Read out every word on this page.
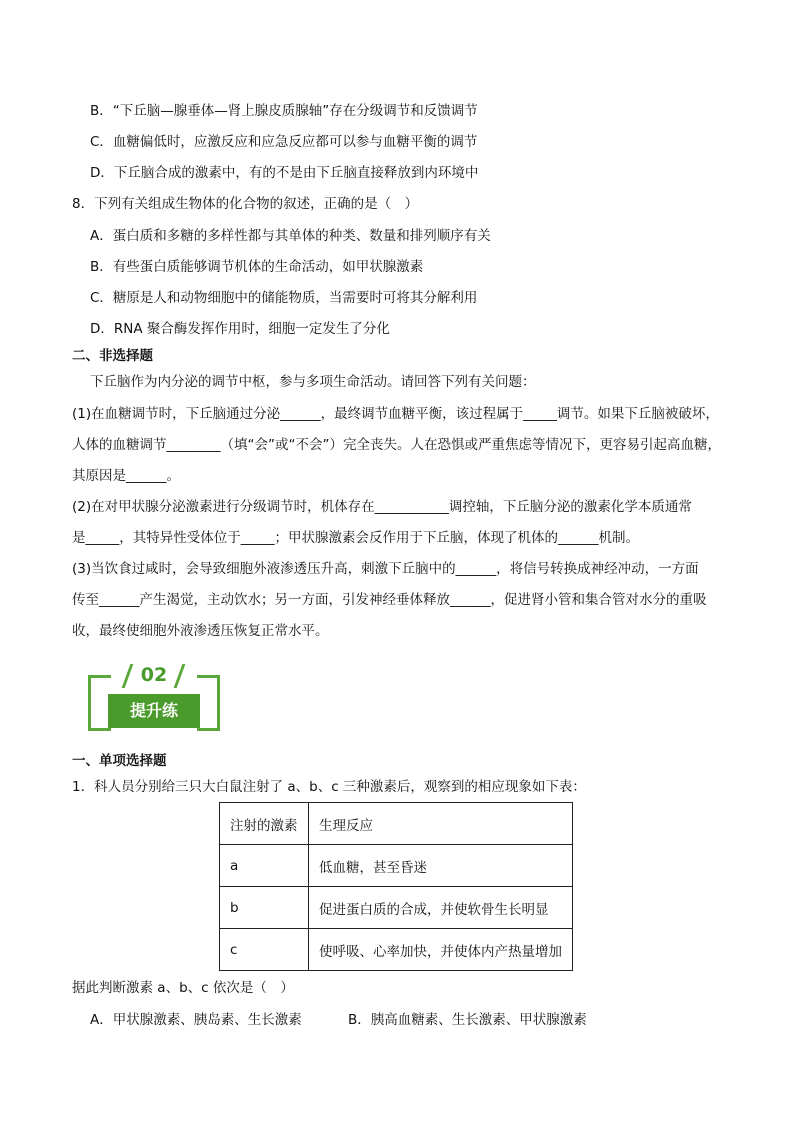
B．“下丘脑—腺垂体—肾上腺皮质腺轴”存在分级调节和反馈调节
C．血糖偏低时，应激反应和应急反应都可以参与血糖平衡的调节
D．下丘脑合成的激素中，有的不是由下丘脑直接释放到内环境中
8．下列有关组成生物体的化合物的叙述，正确的是（　）
A．蛋白质和多糖的多样性都与其单体的种类、数量和排列顺序有关
B．有些蛋白质能够调节机体的生命活动，如甲状腺激素
C．糖原是人和动物细胞中的储能物质，当需要时可将其分解利用
D．RNA 聚合酶发挥作用时，细胞一定发生了分化
二、非选择题
下丘脑作为内分泌的调节中枢，参与多项生命活动。请回答下列有关问题：
(1)在血糖调节时，下丘脑通过分泌______，最终调节血糖平衡，该过程属于_____调节。如果下丘脑被破坏，
人体的血糖调节________（填“会”或“不会”）完全丧失。人在恐惧或严重焦虑等情况下，更容易引起高血糖，
其原因是______。
(2)在对甲状腺分泌激素进行分级调节时，机体存在___________调控轴，下丘脑分泌的激素化学本质通常
是_____，其特异性受体位于_____；甲状腺激素会反作用于下丘脑，体现了机体的______机制。
(3)当饮食过咸时，会导致细胞外液渗透压升高，刺激下丘脑中的______，将信号转换成神经冲动，一方面
传至______产生渴觉，主动饮水；另一方面，引发神经垂体释放______，促进肾小管和集合管对水分的重吸
收，最终使细胞外液渗透压恢复正常水平。
02
提升练
一、单项选择题
1．科人员分别给三只大白鼠注射了 a、b、c 三种激素后，观察到的相应现象如下表：
注射的激素	生理反应
a	低血糖，甚至昏迷
b	促进蛋白质的合成，并使软骨生长明显
c	使呼吸、心率加快，并使体内产热量增加
据此判断激素 a、b、c 依次是（　）
A．甲状腺激素、胰岛素、生长激素	B．胰高血糖素、生长激素、甲状腺激素
